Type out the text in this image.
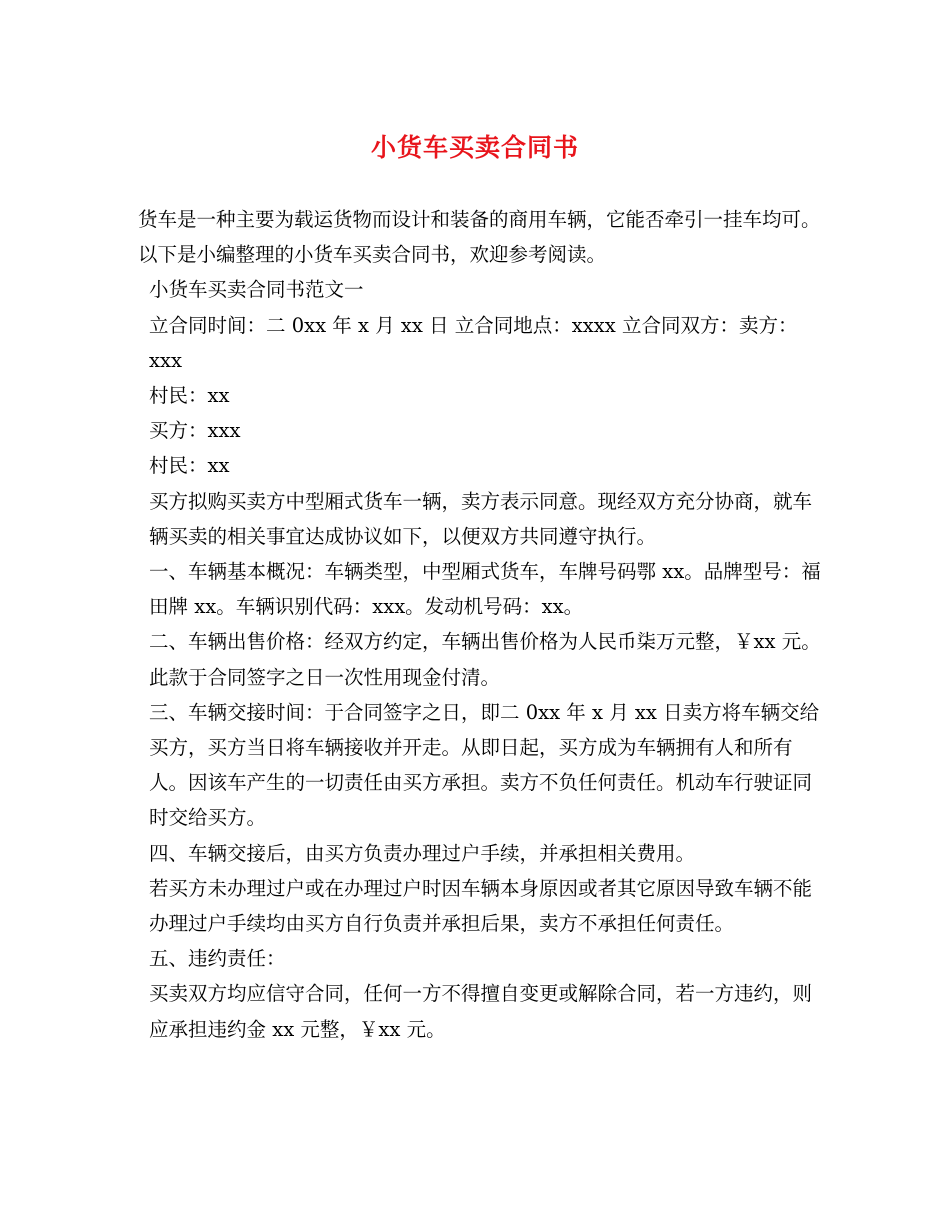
小货车买卖合同书

货车是一种主要为载运货物而设计和装备的商用车辆，它能否牵引一挂车均可。以下是小编整理的小货车买卖合同书，欢迎参考阅读。

小货车买卖合同书范文一

立合同时间：二 0xx 年 x 月 xx 日 立合同地点：xxxx 立合同双方：卖方：xxx

村民：xx

买方：xxx

村民：xx

买方拟购买卖方中型厢式货车一辆，卖方表示同意。现经双方充分协商，就车辆买卖的相关事宜达成协议如下，以便双方共同遵守执行。

一、车辆基本概况：车辆类型，中型厢式货车，车牌号码鄂 xx。品牌型号：福田牌 xx。车辆识别代码：xxx。发动机号码：xx。

二、车辆出售价格：经双方约定，车辆出售价格为人民币柒万元整，￥xx 元。此款于合同签字之日一次性用现金付清。

三、车辆交接时间：于合同签字之日，即二 0xx 年 x 月 xx 日卖方将车辆交给买方，买方当日将车辆接收并开走。从即日起，买方成为车辆拥有人和所有人。因该车产生的一切责任由买方承担。卖方不负任何责任。机动车行驶证同时交给买方。

四、车辆交接后，由买方负责办理过户手续，并承担相关费用。

若买方未办理过户或在办理过户时因车辆本身原因或者其它原因导致车辆不能办理过户手续均由买方自行负责并承担后果，卖方不承担任何责任。

五、违约责任：

买卖双方均应信守合同，任何一方不得擅自变更或解除合同，若一方违约，则应承担违约金 xx 元整，￥xx 元。
